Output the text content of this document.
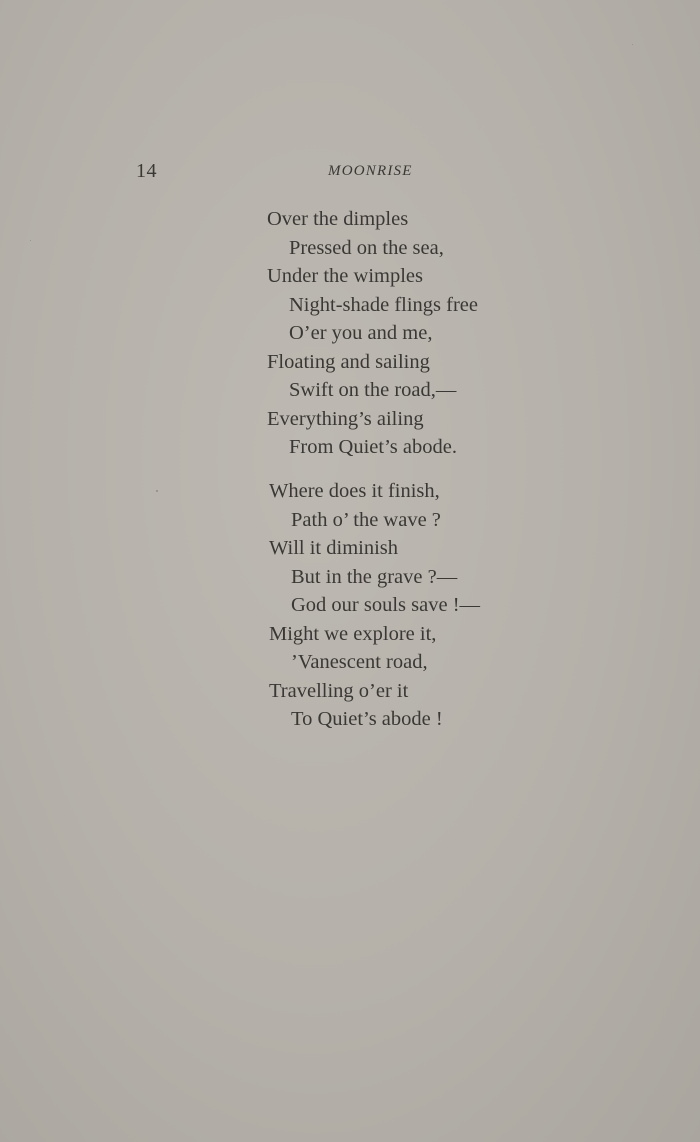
14	MOONRISE
Over the dimples
Pressed on the sea,
Under the wimples
Night-shade flings free
O’er you and me,
Floating and sailing
Swift on the road,—
Everything’s ailing
From Quiet’s abode.
Where does it finish,
Path o’ the wave ?
Will it diminish
But in the grave ?—
God our souls save !—
Might we explore it,
’Vanescent road,
Travelling o’er it
To Quiet’s abode !
